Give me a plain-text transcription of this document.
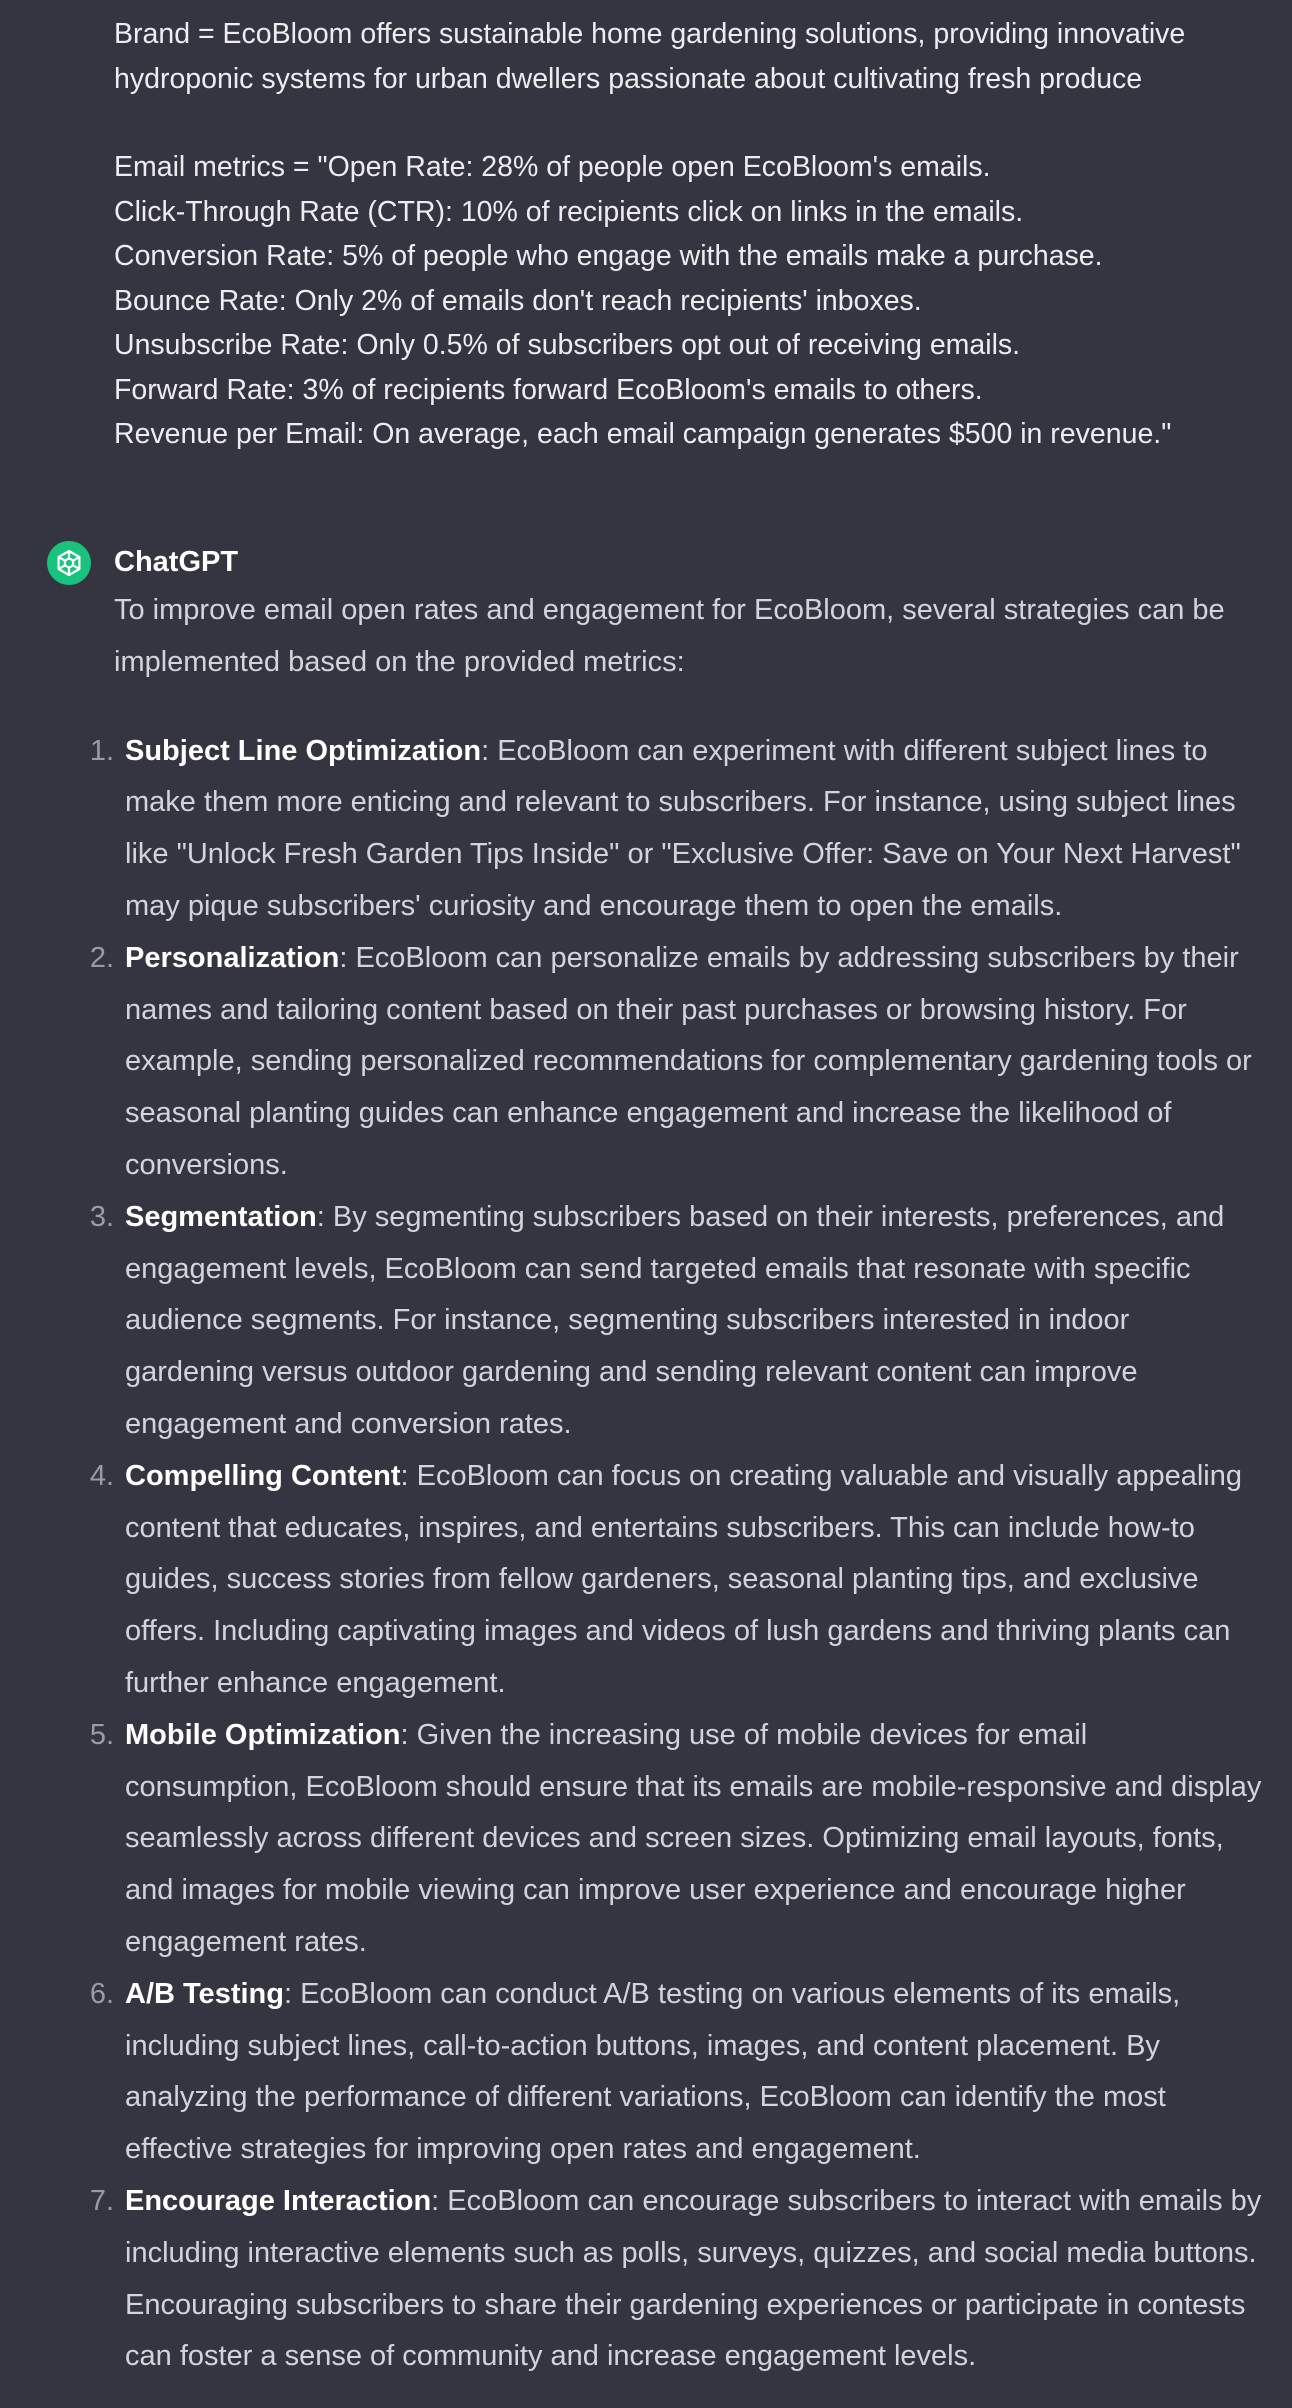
Brand = EcoBloom offers sustainable home gardening solutions, providing innovative

hydroponic systems for urban dwellers passionate about cultivating fresh produce

Email metrics = "Open Rate: 28% of people open EcoBloom's emails.

Click-Through Rate (CTR): 10% of recipients click on links in the emails.

Conversion Rate: 5% of people who engage with the emails make a purchase.

Bounce Rate: Only 2% of emails don't reach recipients' inboxes.

Unsubscribe Rate: Only 0.5% of subscribers opt out of receiving emails.

Forward Rate: 3% of recipients forward EcoBloom's emails to others.

Revenue per Email: On average, each email campaign generates $500 in revenue."

ChatGPT

To improve email open rates and engagement for EcoBloom, several strategies can be implemented based on the provided metrics:

1. Subject Line Optimization: EcoBloom can experiment with different subject lines to make them more enticing and relevant to subscribers. For instance, using subject lines like "Unlock Fresh Garden Tips Inside" or "Exclusive Offer: Save on Your Next Harvest" may pique subscribers' curiosity and encourage them to open the emails.
2. Personalization: EcoBloom can personalize emails by addressing subscribers by their names and tailoring content based on their past purchases or browsing history. For example, sending personalized recommendations for complementary gardening tools or seasonal planting guides can enhance engagement and increase the likelihood of conversions.
3. Segmentation: By segmenting subscribers based on their interests, preferences, and engagement levels, EcoBloom can send targeted emails that resonate with specific audience segments. For instance, segmenting subscribers interested in indoor gardening versus outdoor gardening and sending relevant content can improve engagement and conversion rates.
4. Compelling Content: EcoBloom can focus on creating valuable and visually appealing content that educates, inspires, and entertains subscribers. This can include how-to guides, success stories from fellow gardeners, seasonal planting tips, and exclusive offers. Including captivating images and videos of lush gardens and thriving plants can further enhance engagement.
5. Mobile Optimization: Given the increasing use of mobile devices for email consumption, EcoBloom should ensure that its emails are mobile-responsive and display seamlessly across different devices and screen sizes. Optimizing email layouts, fonts, and images for mobile viewing can improve user experience and encourage higher engagement rates.
6. A/B Testing: EcoBloom can conduct A/B testing on various elements of its emails, including subject lines, call-to-action buttons, images, and content placement. By analyzing the performance of different variations, EcoBloom can identify the most effective strategies for improving open rates and engagement.
7. Encourage Interaction: EcoBloom can encourage subscribers to interact with emails by including interactive elements such as polls, surveys, quizzes, and social media buttons. Encouraging subscribers to share their gardening experiences or participate in contests can foster a sense of community and increase engagement levels.
